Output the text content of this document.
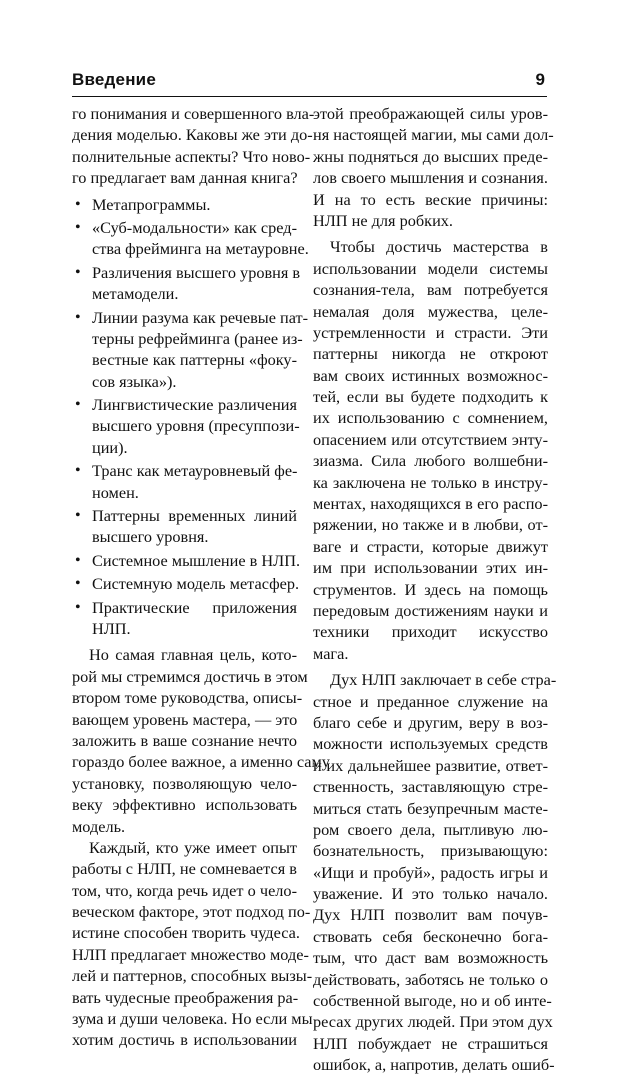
Введение	9
го понимания и совершенного вла-
дения моделью. Каковы же эти до-
полнительные аспекты? Что ново-
го предлагает вам данная книга?
• Метапрограммы.
• «Суб-модальности» как сред-
ства фрейминга на метауровне.
• Различения высшего уровня в
метамодели.
• Линии разума как речевые пат-
терны рефрейминга (ранее из-
вестные как паттерны «фоку-
сов языка»).
• Лингвистические различения
высшего уровня (пресуппози-
ции).
• Транс как метауровневый фе-
номен.
• Паттерны временных линий
высшего уровня.
• Системное мышление в НЛП.
• Системную модель метасфер.
• Практические приложения
НЛП.
Но самая главная цель, кото-
рой мы стремимся достичь в этом
втором томе руководства, описы-
вающем уровень мастера, — это
заложить в ваше сознание нечто
гораздо более важное, а именно саму
установку, позволяющую чело-
веку эффективно использовать
модель.
Каждый, кто уже имеет опыт
работы с НЛП, не сомневается в
том, что, когда речь идет о чело-
веческом факторе, этот подход по-
истине способен творить чудеса.
НЛП предлагает множество моде-
лей и паттернов, способных вызы-
вать чудесные преображения ра-
зума и души человека. Но если мы
хотим достичь в использовании
этой преображающей силы уров-
ня настоящей магии, мы сами дол-
жны подняться до высших преде-
лов своего мышления и сознания.
И на то есть веские причины:
НЛП не для робких.
Чтобы достичь мастерства в
использовании модели системы
сознания-тела, вам потребуется
немалая доля мужества, целе-
устремленности и страсти. Эти
паттерны никогда не откроют
вам своих истинных возможнос-
тей, если вы будете подходить к
их использованию с сомнением,
опасением или отсутствием энту-
зиазма. Сила любого волшебни-
ка заключена не только в инстру-
ментах, находящихся в его распо-
ряжении, но также и в любви, от-
ваге и страсти, которые движут
им при использовании этих ин-
струментов. И здесь на помощь
передовым достижениям науки и
техники приходит искусство
мага.
Дух НЛП заключает в себе стра-
стное и преданное служение на
благо себе и другим, веру в воз-
можности используемых средств
и их дальнейшее развитие, ответ-
ственность, заставляющую стре-
миться стать безупречным масте-
ром своего дела, пытливую лю-
бознательность, призывающую:
«Ищи и пробуй», радость игры и
уважение. И это только начало.
Дух НЛП позволит вам почув-
ствовать себя бесконечно бога-
тым, что даст вам возможность
действовать, заботясь не только о
собственной выгоде, но и об инте-
ресах других людей. При этом дух
НЛП побуждает не страшиться
ошибок, а, напротив, делать ошиб-
